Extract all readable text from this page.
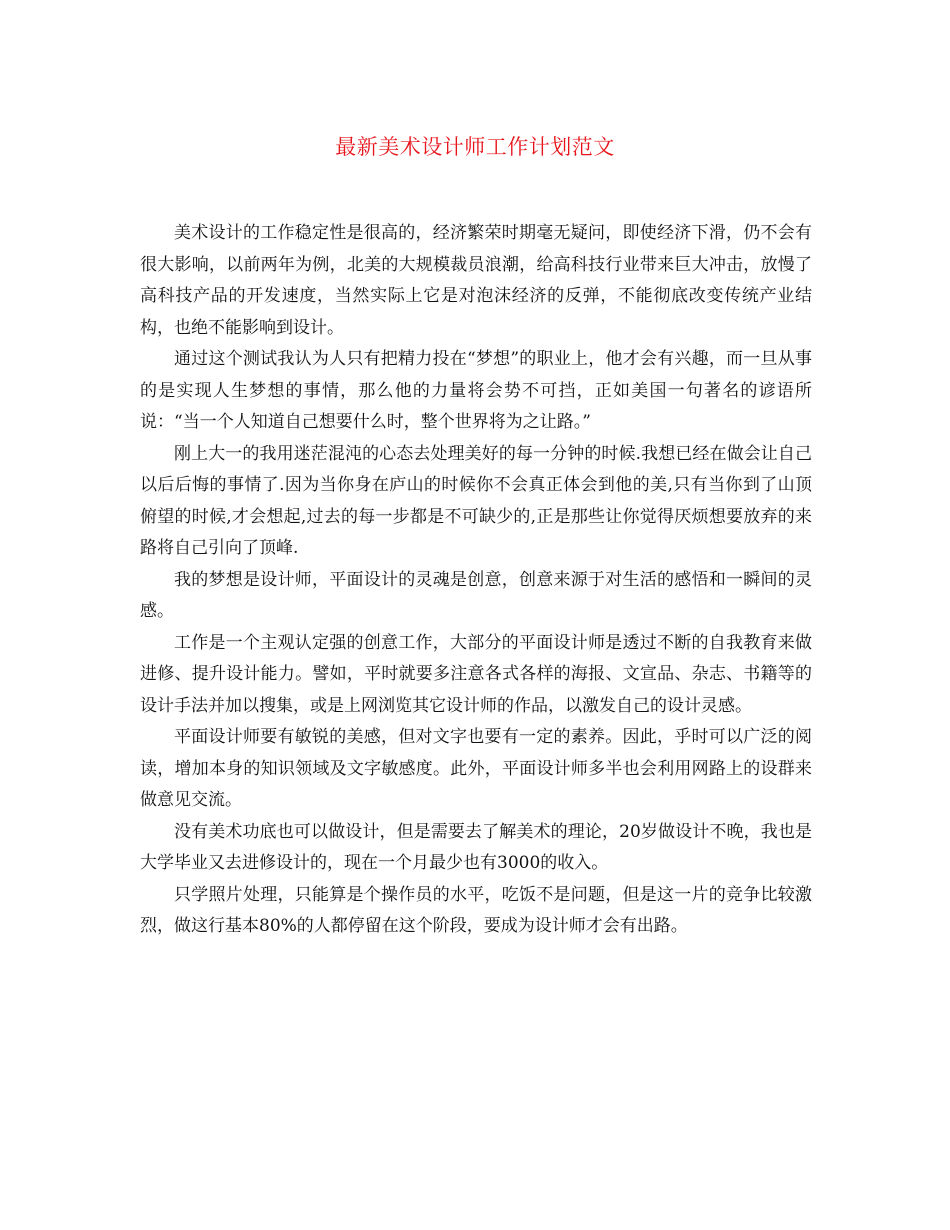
最新美术设计师工作计划范文

美术设计的工作稳定性是很高的，经济繁荣时期毫无疑问，即使经济下滑，仍不会有很大影响，以前两年为例，北美的大规模裁员浪潮，给高科技行业带来巨大冲击，放慢了高科技产品的开发速度，当然实际上它是对泡沫经济的反弹，不能彻底改变传统产业结构，也绝不能影响到设计。

通过这个测试我认为人只有把精力投在“梦想”的职业上，他才会有兴趣，而一旦从事的是实现人生梦想的事情，那么他的力量将会势不可挡，正如美国一句著名的谚语所说：“当一个人知道自己想要什么时，整个世界将为之让路。”

刚上大一的我用迷茫混沌的心态去处理美好的每一分钟的时候.我想已经在做会让自己以后后悔的事情了.因为当你身在庐山的时候你不会真正体会到他的美,只有当你到了山顶俯望的时候,才会想起,过去的每一步都是不可缺少的,正是那些让你觉得厌烦想要放弃的来路将自己引向了顶峰.

我的梦想是设计师，平面设计的灵魂是创意，创意来源于对生活的感悟和一瞬间的灵感。

工作是一个主观认定强的创意工作，大部分的平面设计师是透过不断的自我教育来做进修、提升设计能力。譬如，平时就要多注意各式各样的海报、文宣品、杂志、书籍等的设计手法并加以搜集，或是上网浏览其它设计师的作品，以激发自己的设计灵感。

平面设计师要有敏锐的美感，但对文字也要有一定的素养。因此，乎时可以广泛的阅读，增加本身的知识领域及文字敏感度。此外，平面设计师多半也会利用网路上的设群来做意见交流。

没有美术功底也可以做设计，但是需要去了解美术的理论，20岁做设计不晚，我也是大学毕业又去进修设计的，现在一个月最少也有3000的收入。

只学照片处理，只能算是个操作员的水平，吃饭不是问题，但是这一片的竞争比较激烈，做这行基本80%的人都停留在这个阶段，要成为设计师才会有出路。
